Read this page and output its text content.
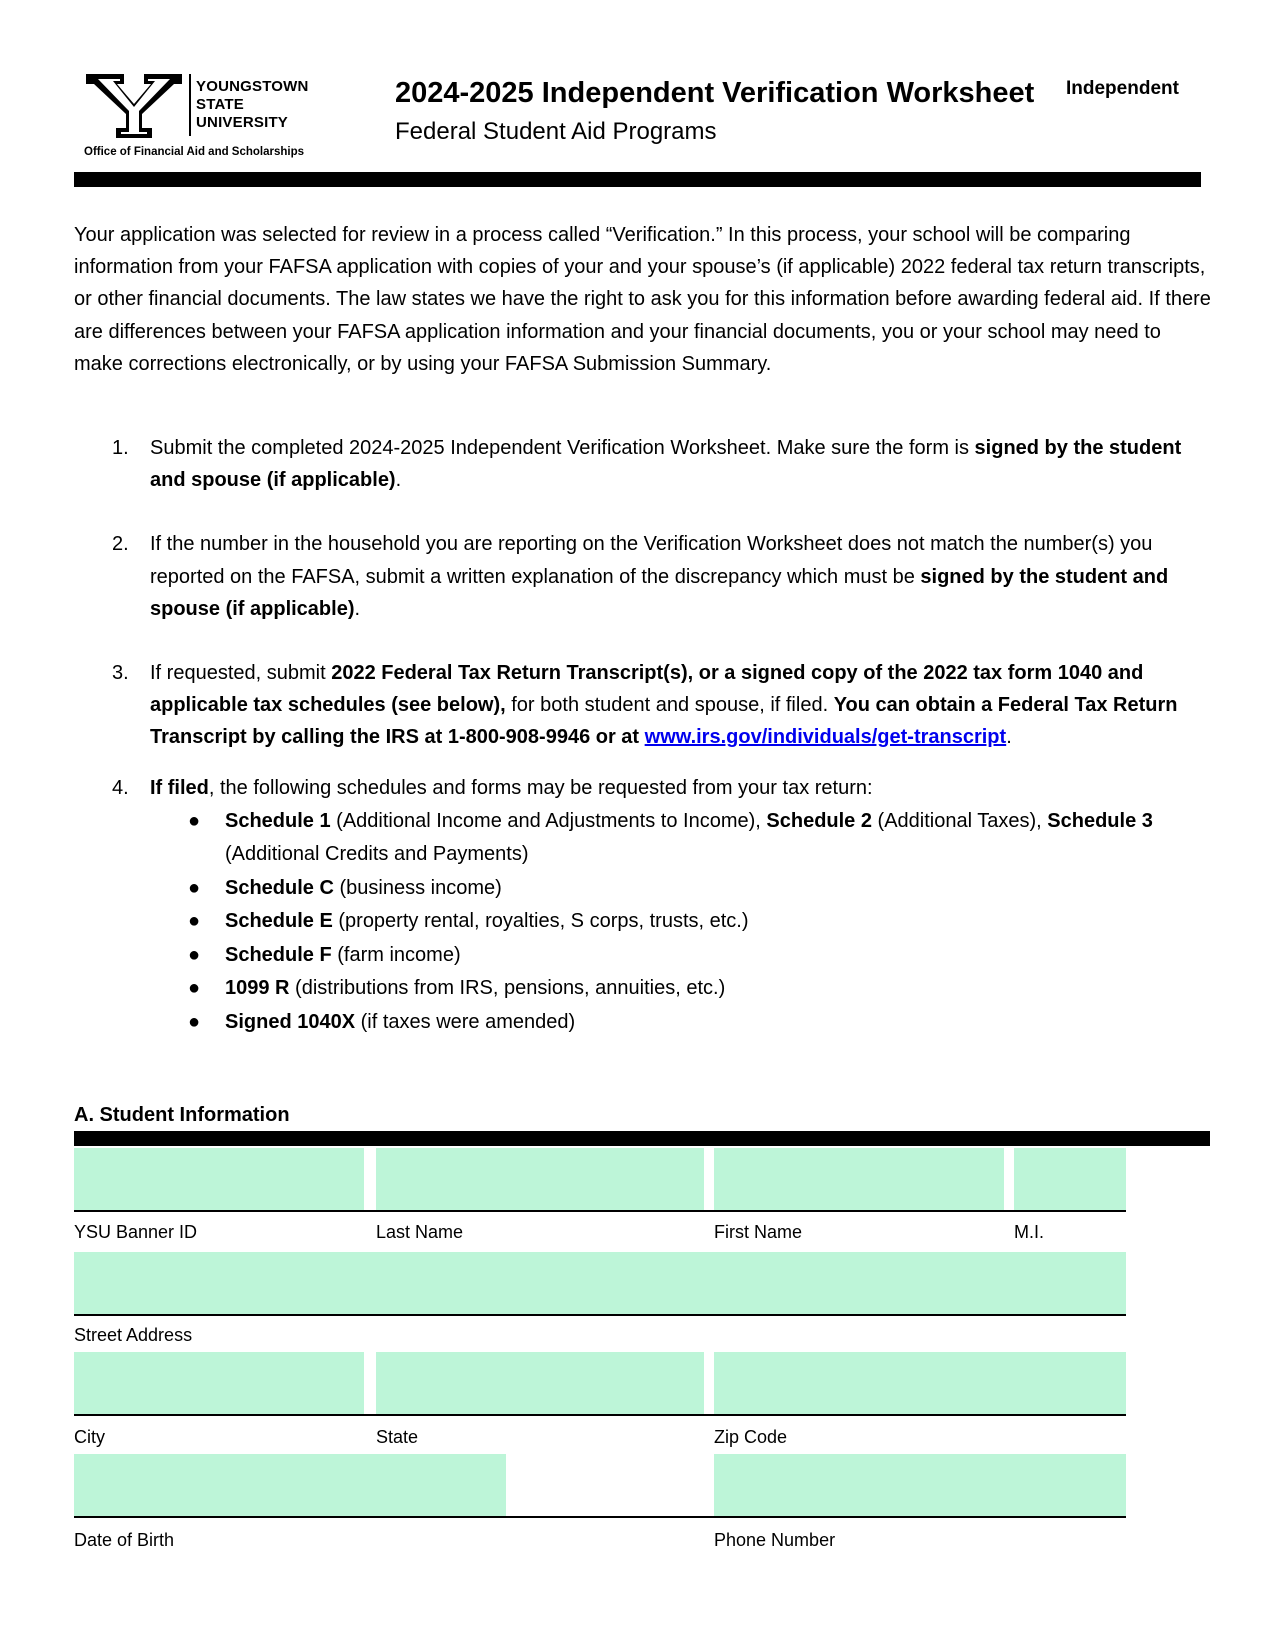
YOUNGSTOWN
STATE
UNIVERSITY
Office of Financial Aid and Scholarships
2024-2025 Independent Verification Worksheet
Federal Student Aid Programs
Independent
Your application was selected for review in a process called “Verification.” In this process, your school will be comparing information from your FAFSA application with copies of your and your spouse’s (if applicable) 2022 federal tax return transcripts, or other financial documents. The law states we have the right to ask you for this information before awarding federal aid. If there are differences between your FAFSA application information and your financial documents, you or your school may need to make corrections electronically, or by using your FAFSA Submission Summary.
1. Submit the completed 2024-2025 Independent Verification Worksheet. Make sure the form is signed by the student and spouse (if applicable).
2. If the number in the household you are reporting on the Verification Worksheet does not match the number(s) you reported on the FAFSA, submit a written explanation of the discrepancy which must be signed by the student and spouse (if applicable).
3. If requested, submit 2022 Federal Tax Return Transcript(s), or a signed copy of the 2022 tax form 1040 and applicable tax schedules (see below), for both student and spouse, if filed. You can obtain a Federal Tax Return Transcript by calling the IRS at 1-800-908-9946 or at www.irs.gov/individuals/get-transcript.
4. If filed, the following schedules and forms may be requested from your tax return:
● Schedule 1 (Additional Income and Adjustments to Income), Schedule 2 (Additional Taxes), Schedule 3 (Additional Credits and Payments)
● Schedule C (business income)
● Schedule E (property rental, royalties, S corps, trusts, etc.)
● Schedule F (farm income)
● 1099 R (distributions from IRS, pensions, annuities, etc.)
● Signed 1040X (if taxes were amended)
A. Student Information
YSU Banner ID	Last Name	First Name	M.I.
Street Address
City	State	Zip Code
Date of Birth	Phone Number
